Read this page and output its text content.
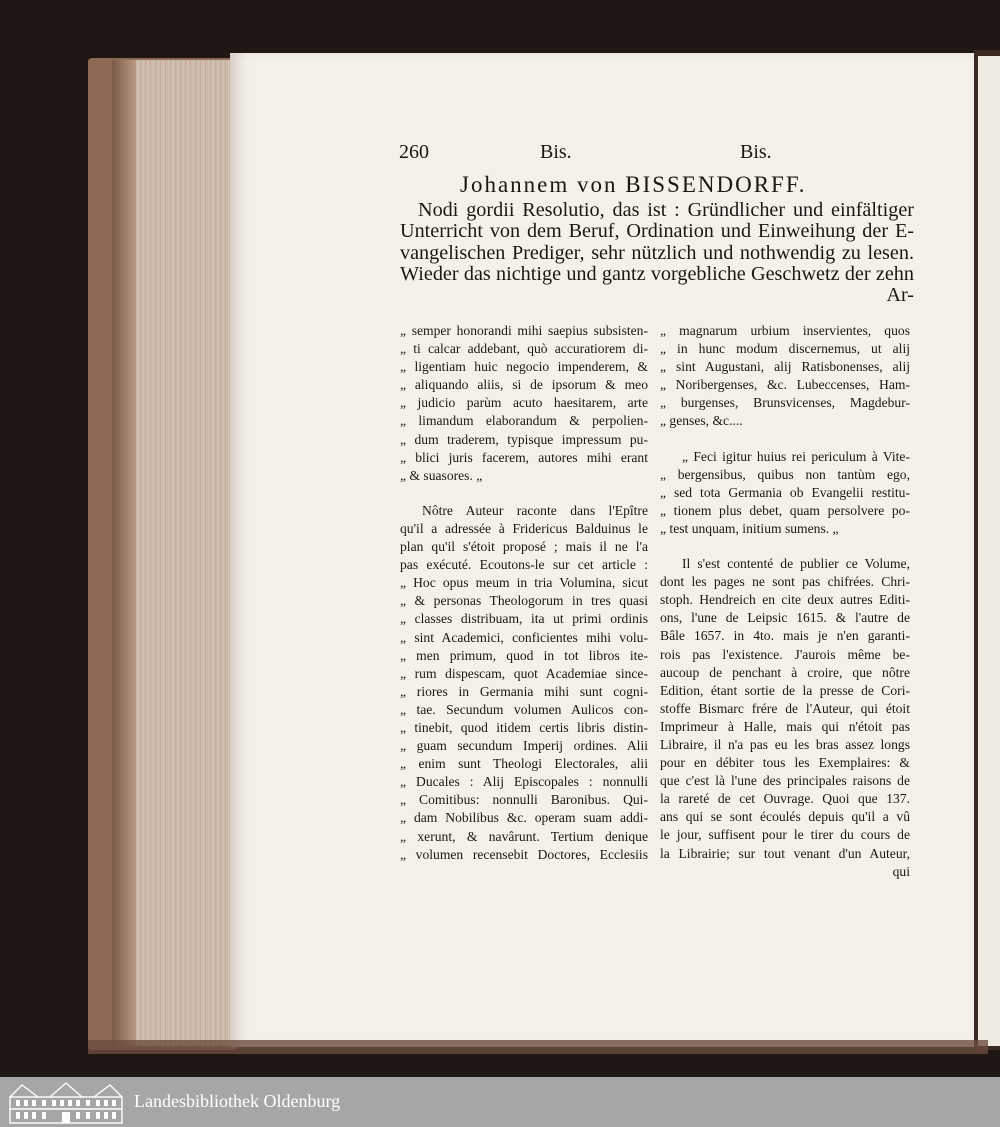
260	Bis.	Bis.
Johannem von BISSENDORFF.
Nodi gordii Resolutio, das ist : Gründlicher und einfältiger
Unterricht von dem Beruf, Ordination und Einweihung der E-
vangelischen Prediger, sehr nützlich und nothwendig zu lesen.
Wieder das nichtige und gantz vorgebliche Geschwetz der zehn
Ar-
„ semper honorandi mihi saepius subsisten-
„ ti calcar addebant, quò accuratiorem di-
„ ligentiam huic negocio impenderem, &
„ aliquando aliis, si de ipsorum & meo
„ judicio parùm acuto haesitarem, arte
„ limandum elaborandum & perpolien-
„ dum traderem, typisque impressum pu-
„ blici juris facerem, autores mihi erant
„ & suasores. „
Nôtre Auteur raconte dans l'Epître
qu'il a adressée à Fridericus Balduinus le
plan qu'il s'étoit proposé ; mais il ne l'a
pas exécuté. Ecoutons-le sur cet article :
„ Hoc opus meum in tria Volumina, sicut
„ & personas Theologorum in tres quasi
„ classes distribuam, ita ut primi ordinis
„ sint Academici, conficientes mihi volu-
„ men primum, quod in tot libros ite-
„ rum dispescam, quot Academiae since-
„ riores in Germania mihi sunt cogni-
„ tae. Secundum volumen Aulicos con-
„ tinebit, quod itidem certis libris distin-
„ guam secundum Imperij ordines. Alii
„ enim sunt Theologi Electorales, alii
„ Ducales : Alij Episcopales : nonnulli
„ Comitibus: nonnulli Baronibus. Qui-
„ dam Nobilibus &c. operam suam addi-
„ xerunt, & navârunt. Tertium denique
„ volumen recensebit Doctores, Ecclesiis
„ magnarum urbium inservientes, quos
„ in hunc modum discernemus, ut alij
„ sint Augustani, alij Ratisbonenses, alij
„ Noribergenses, &c. Lubeccenses, Ham-
„ burgenses, Brunsvicenses, Magdebur-
„ genses, &c....
„ Feci igitur huius rei periculum à Vite-
„ bergensibus, quibus non tantùm ego,
„ sed tota Germania ob Evangelii restitu-
„ tionem plus debet, quam persolvere po-
„ test unquam, initium sumens. „
Il s'est contenté de publier ce Volume,
dont les pages ne sont pas chifrées. Chri-
stoph. Hendreich en cite deux autres Editi-
ons, l'une de Leipsic 1615. & l'autre de
Bâle 1657. in 4to. mais je n'en garanti-
rois pas l'existence. J'aurois même be-
aucoup de penchant à croire, que nôtre
Edition, étant sortie de la presse de Cori-
stoffe Bismarc frére de l'Auteur, qui étoit
Imprimeur à Halle, mais qui n'étoit pas
Libraire, il n'a pas eu les bras assez longs
pour en débiter tous les Exemplaires: &
que c'est là l'une des principales raisons de
la rareté de cet Ouvrage. Quoi que 137.
ans qui se sont écoulés depuis qu'il a vû
le jour, suffisent pour le tirer du cours de
la Librairie; sur tout venant d'un Auteur,
qui
Landesbibliothek Oldenburg
